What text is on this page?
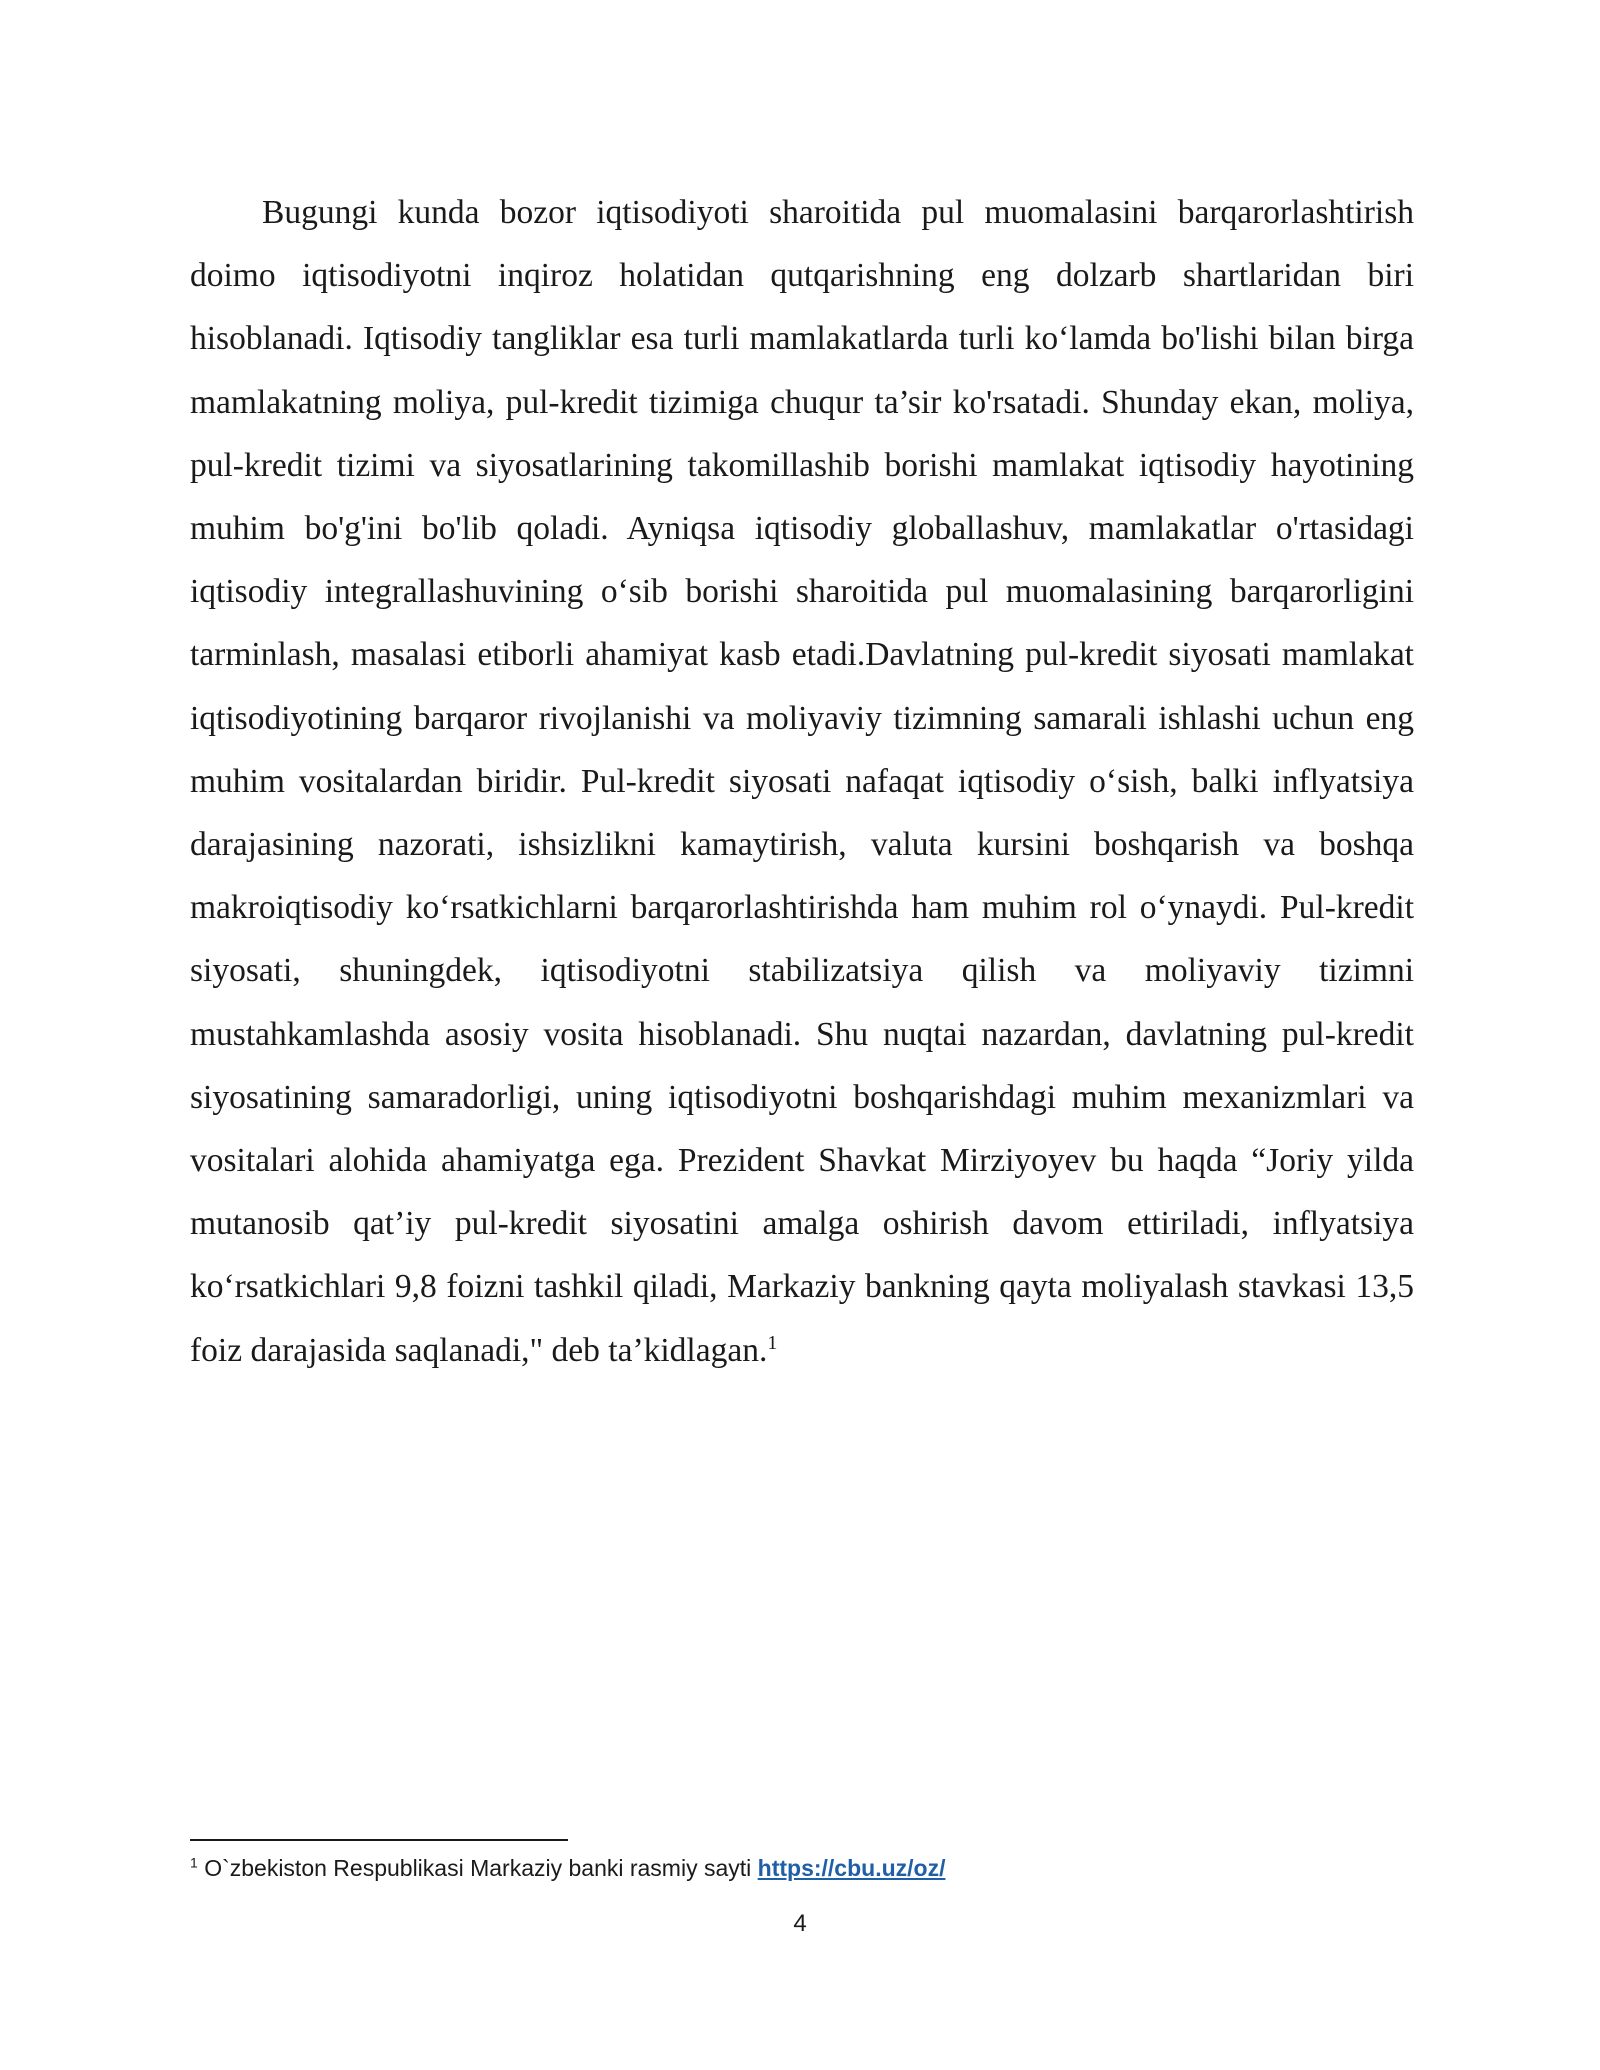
Bugungi kunda bozor iqtisodiyoti sharoitida pul muomalasini barqarorlashtirish doimo iqtisodiyotni inqiroz holatidan qutqarishning eng dolzarb shartlaridan biri hisoblanadi. Iqtisodiy tangliklar esa turli mamlakatlarda turli koʻlamda bo'lishi bilan birga mamlakatning moliya, pul-kredit tizimiga chuqur ta’sir ko'rsatadi. Shunday ekan, moliya, pul-kredit tizimi va siyosatlarining takomillashib borishi mamlakat iqtisodiy hayotining muhim bo'g'ini bo'lib qoladi. Ayniqsa iqtisodiy globallashuv, mamlakatlar o'rtasidagi iqtisodiy integrallashuvining oʻsib borishi sharoitida pul muomalasining barqarorligini tarminlash, masalasi etiborli ahamiyat kasb etadi.Davlatning pul-kredit siyosati mamlakat iqtisodiyotining barqaror rivojlanishi va moliyaviy tizimning samarali ishlashi uchun eng muhim vositalardan biridir. Pul-kredit siyosati nafaqat iqtisodiy oʻsish, balki inflyatsiya darajasining nazorati, ishsizlikni kamaytirish, valuta kursini boshqarish va boshqa makroiqtisodiy koʻrsatkichlarni barqarorlashtirishda ham muhim rol oʻynaydi. Pul-kredit siyosati, shuningdek, iqtisodiyotni stabilizatsiya qilish va moliyaviy tizimni mustahkamlashda asosiy vosita hisoblanadi. Shu nuqtai nazardan, davlatning pul-kredit siyosatining samaradorligi, uning iqtisodiyotni boshqarishdagi muhim mexanizmlari va vositalari alohida ahamiyatga ega. Prezident Shavkat Mirziyoyev bu haqda “Joriy yilda mutanosib qat’iy pul-kredit siyosatini amalga oshirish davom ettiriladi, inflyatsiya koʻrsatkichlari 9,8 foizni tashkil qiladi, Markaziy bankning qayta moliyalash stavkasi 13,5 foiz darajasida saqlanadi," deb ta’kidlagan.$^1$

$^1$ O`zbekiston Respublikasi Markaziy banki rasmiy sayti https://cbu.uz/oz/
4
